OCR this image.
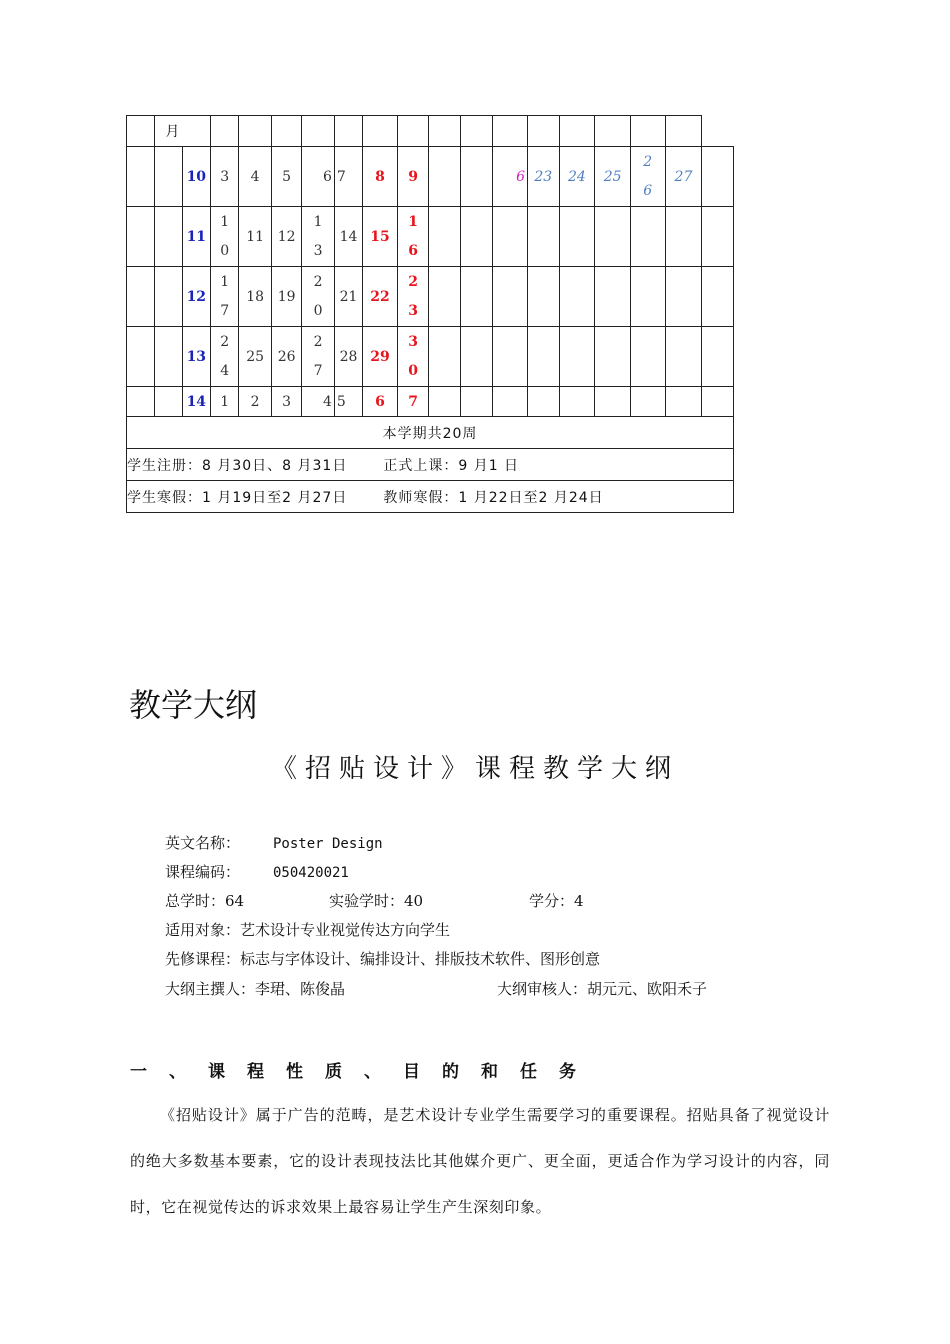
	月																	
		10	3	4	5	6	7	8	9			6	23	24	25	26	27	
		11	10	11	12	13	14	15	16									
		12	17	18	19	20	21	22	23									
		13	24	25	26	27	28	29	30									
		14	1	2	3	4	5	6	7									
本学期共20周																		
学生注册：8 月30日、8 月31日 正式上课：9 月1 日																		
学生寒假：1 月19日至2 月27日 教师寒假：1 月22日至2 月24日																		
教学大纲
《招贴设计》课程教学大纲
英文名称： Poster Design
课程编码： 050420021
总学时：64	实验学时：40	学分：4
适用对象：艺术设计专业视觉传达方向学生
先修课程：标志与字体设计、编排设计、排版技术软件、图形创意
大纲主撰人：李珺、陈俊晶	大纲审核人：胡元元、欧阳禾子
一、课程性质、目的和任务

《招贴设计》属于广告的范畴，是艺术设计专业学生需要学习的重要课程。招贴具备了视觉设计的绝大多数基本要素，它的设计表现技法比其他媒介更广、更全面，更适合作为学习设计的内容，同时，它在视觉传达的诉求效果上最容易让学生产生深刻印象。
